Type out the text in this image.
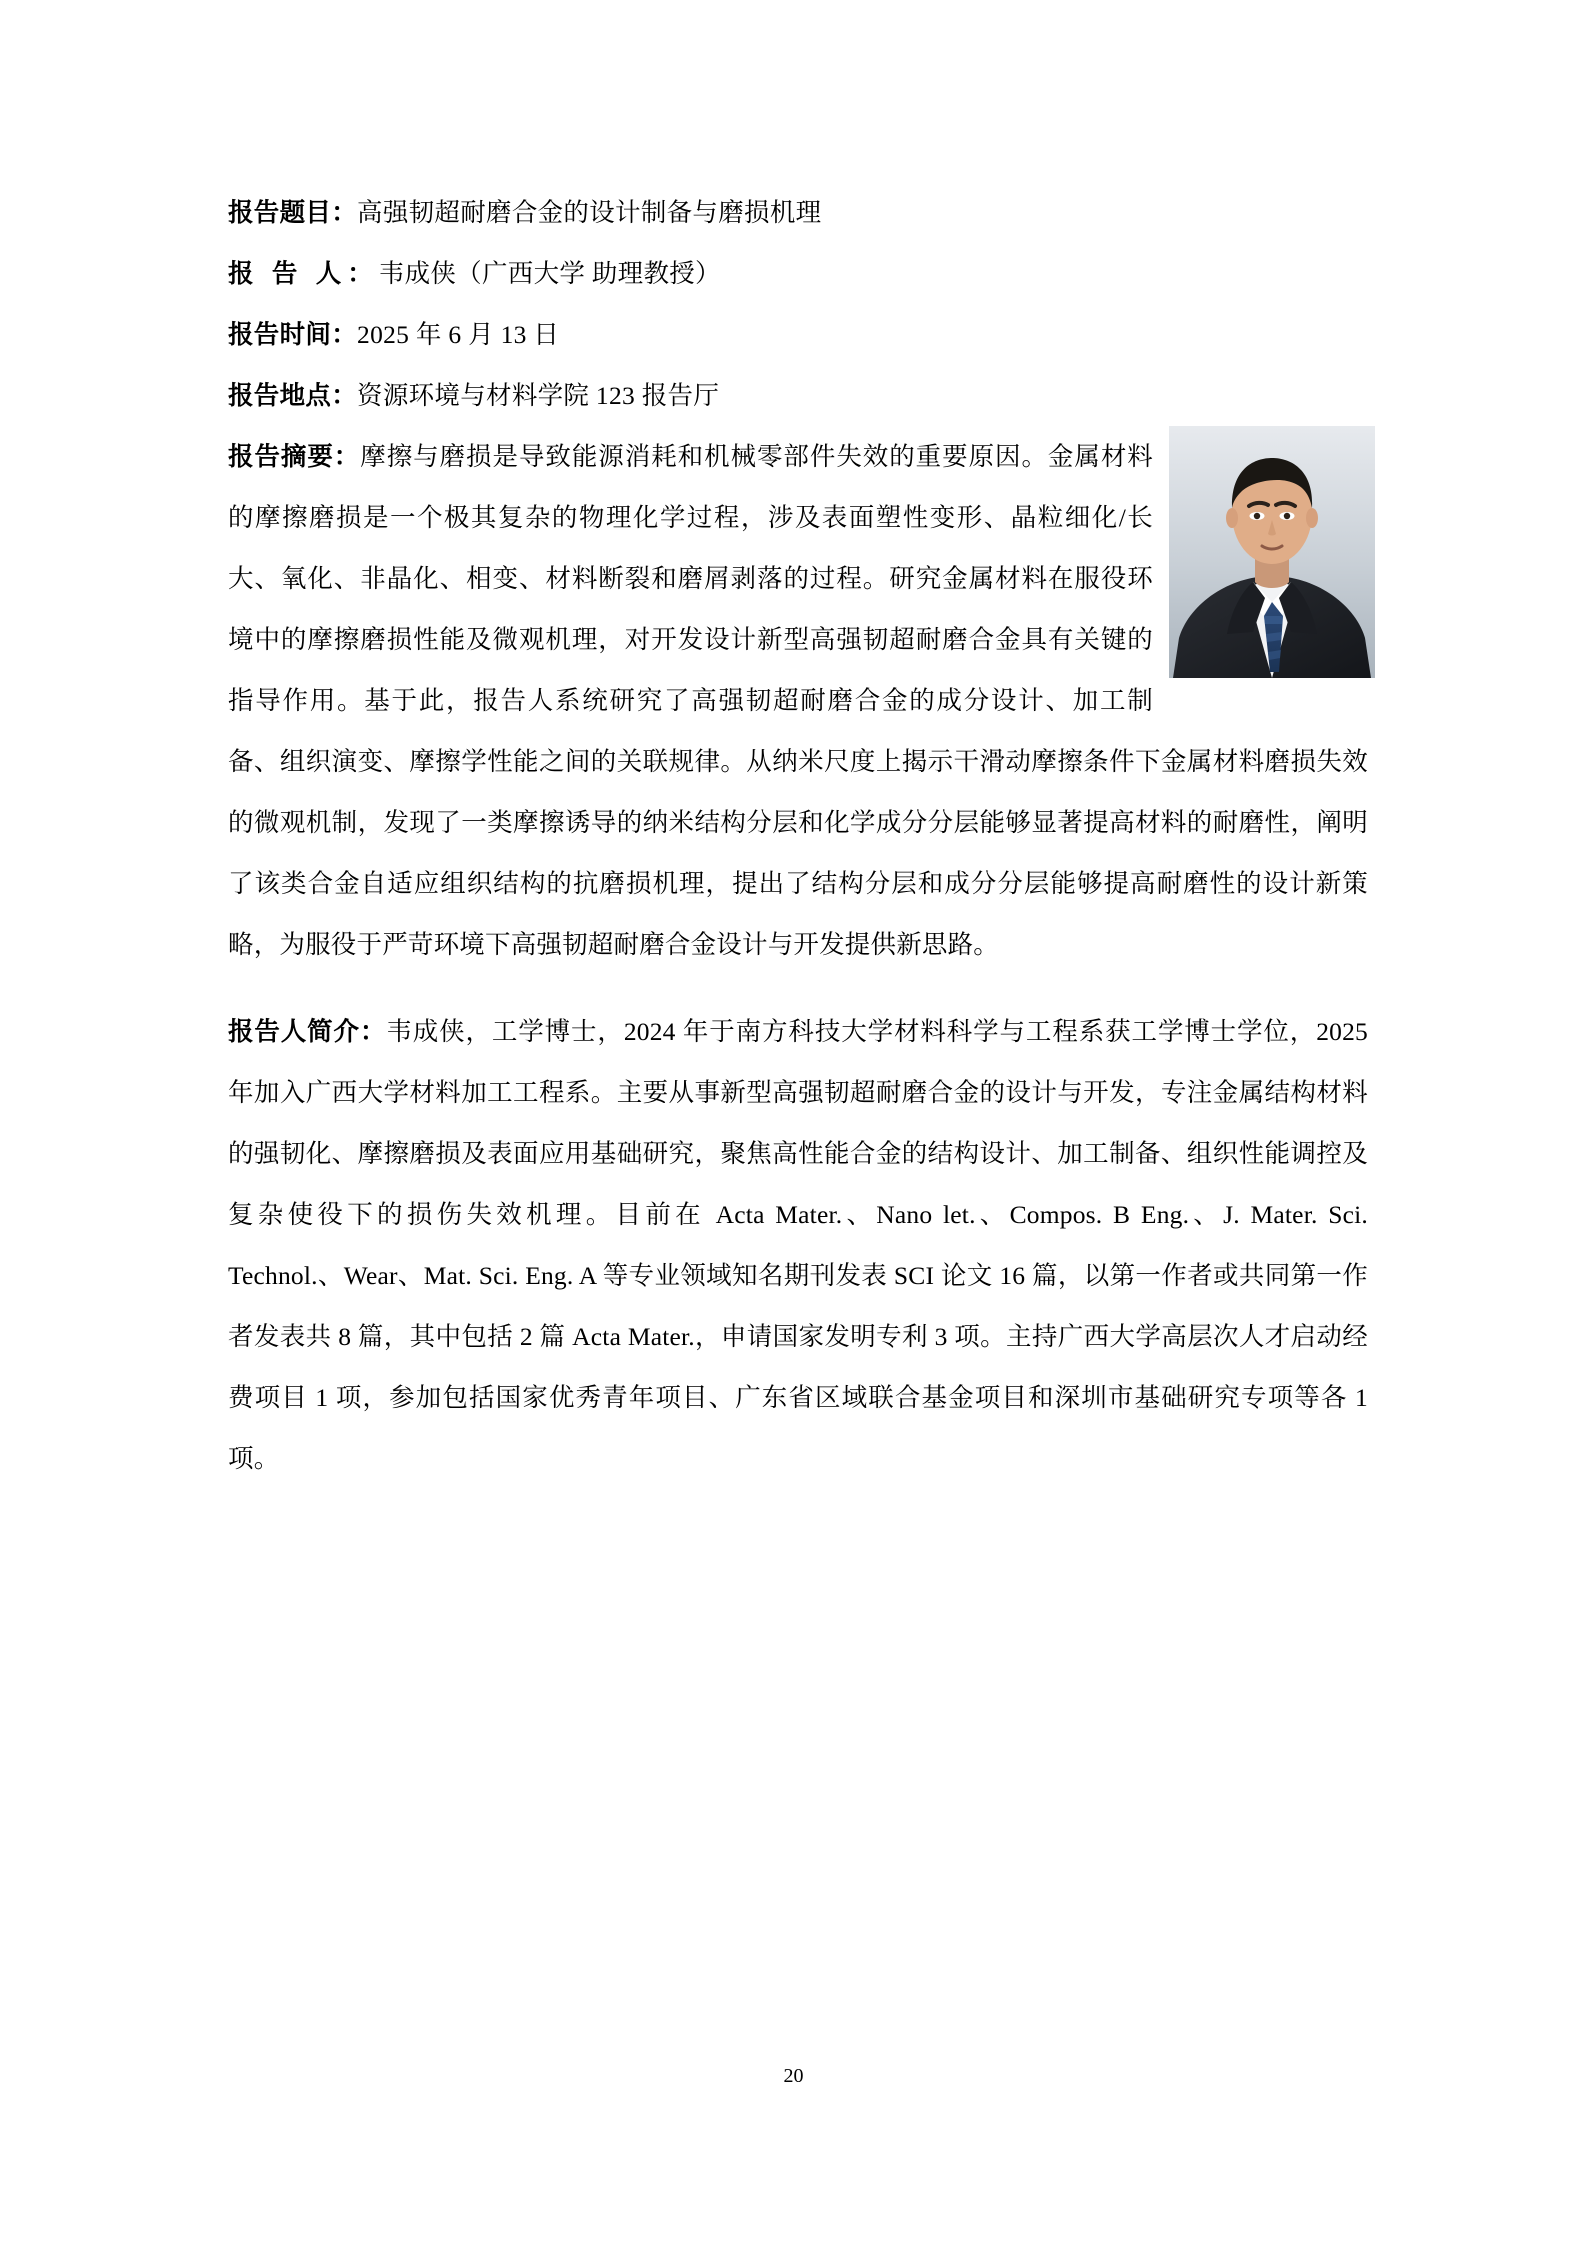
报告题目：高强韧超耐磨合金的设计制备与磨损机理
报 告 人：韦成侠（广西大学 助理教授）
报告时间：2025 年 6 月 13 日
报告地点：资源环境与材料学院 123 报告厅
报告摘要：摩擦与磨损是导致能源消耗和机械零部件失效的重要原因。金属材料的摩擦磨损是一个极其复杂的物理化学过程，涉及表面塑性变形、晶粒细化/长大、氧化、非晶化、相变、材料断裂和磨屑剥落的过程。研究金属材料在服役环境中的摩擦磨损性能及微观机理，对开发设计新型高强韧超耐磨合金具有关键的指导作用。基于此，报告人系统研究了高强韧超耐磨合金的成分设计、加工制备、组织演变、摩擦学性能之间的关联规律。从纳米尺度上揭示干滑动摩擦条件下金属材料磨损失效的微观机制，发现了一类摩擦诱导的纳米结构分层和化学成分分层能够显著提高材料的耐磨性，阐明了该类合金自适应组织结构的抗磨损机理，提出了结构分层和成分分层能够提高耐磨性的设计新策略，为服役于严苛环境下高强韧超耐磨合金设计与开发提供新思路。
报告人简介：韦成侠，工学博士，2024 年于南方科技大学材料科学与工程系获工学博士学位，2025 年加入广西大学材料加工工程系。主要从事新型高强韧超耐磨合金的设计与开发，专注金属结构材料的强韧化、摩擦磨损及表面应用基础研究，聚焦高性能合金的结构设计、加工制备、组织性能调控及复杂使役下的损伤失效机理。目前在 Acta Mater.、Nano let.、Compos. B Eng.、J. Mater. Sci. Technol.、Wear、Mat. Sci. Eng. A 等专业领域知名期刊发表 SCI 论文 16 篇，以第一作者或共同第一作者发表共 8 篇，其中包括 2 篇 Acta Mater.，申请国家发明专利 3 项。主持广西大学高层次人才启动经费项目 1 项，参加包括国家优秀青年项目、广东省区域联合基金项目和深圳市基础研究专项等各 1 项。
20
